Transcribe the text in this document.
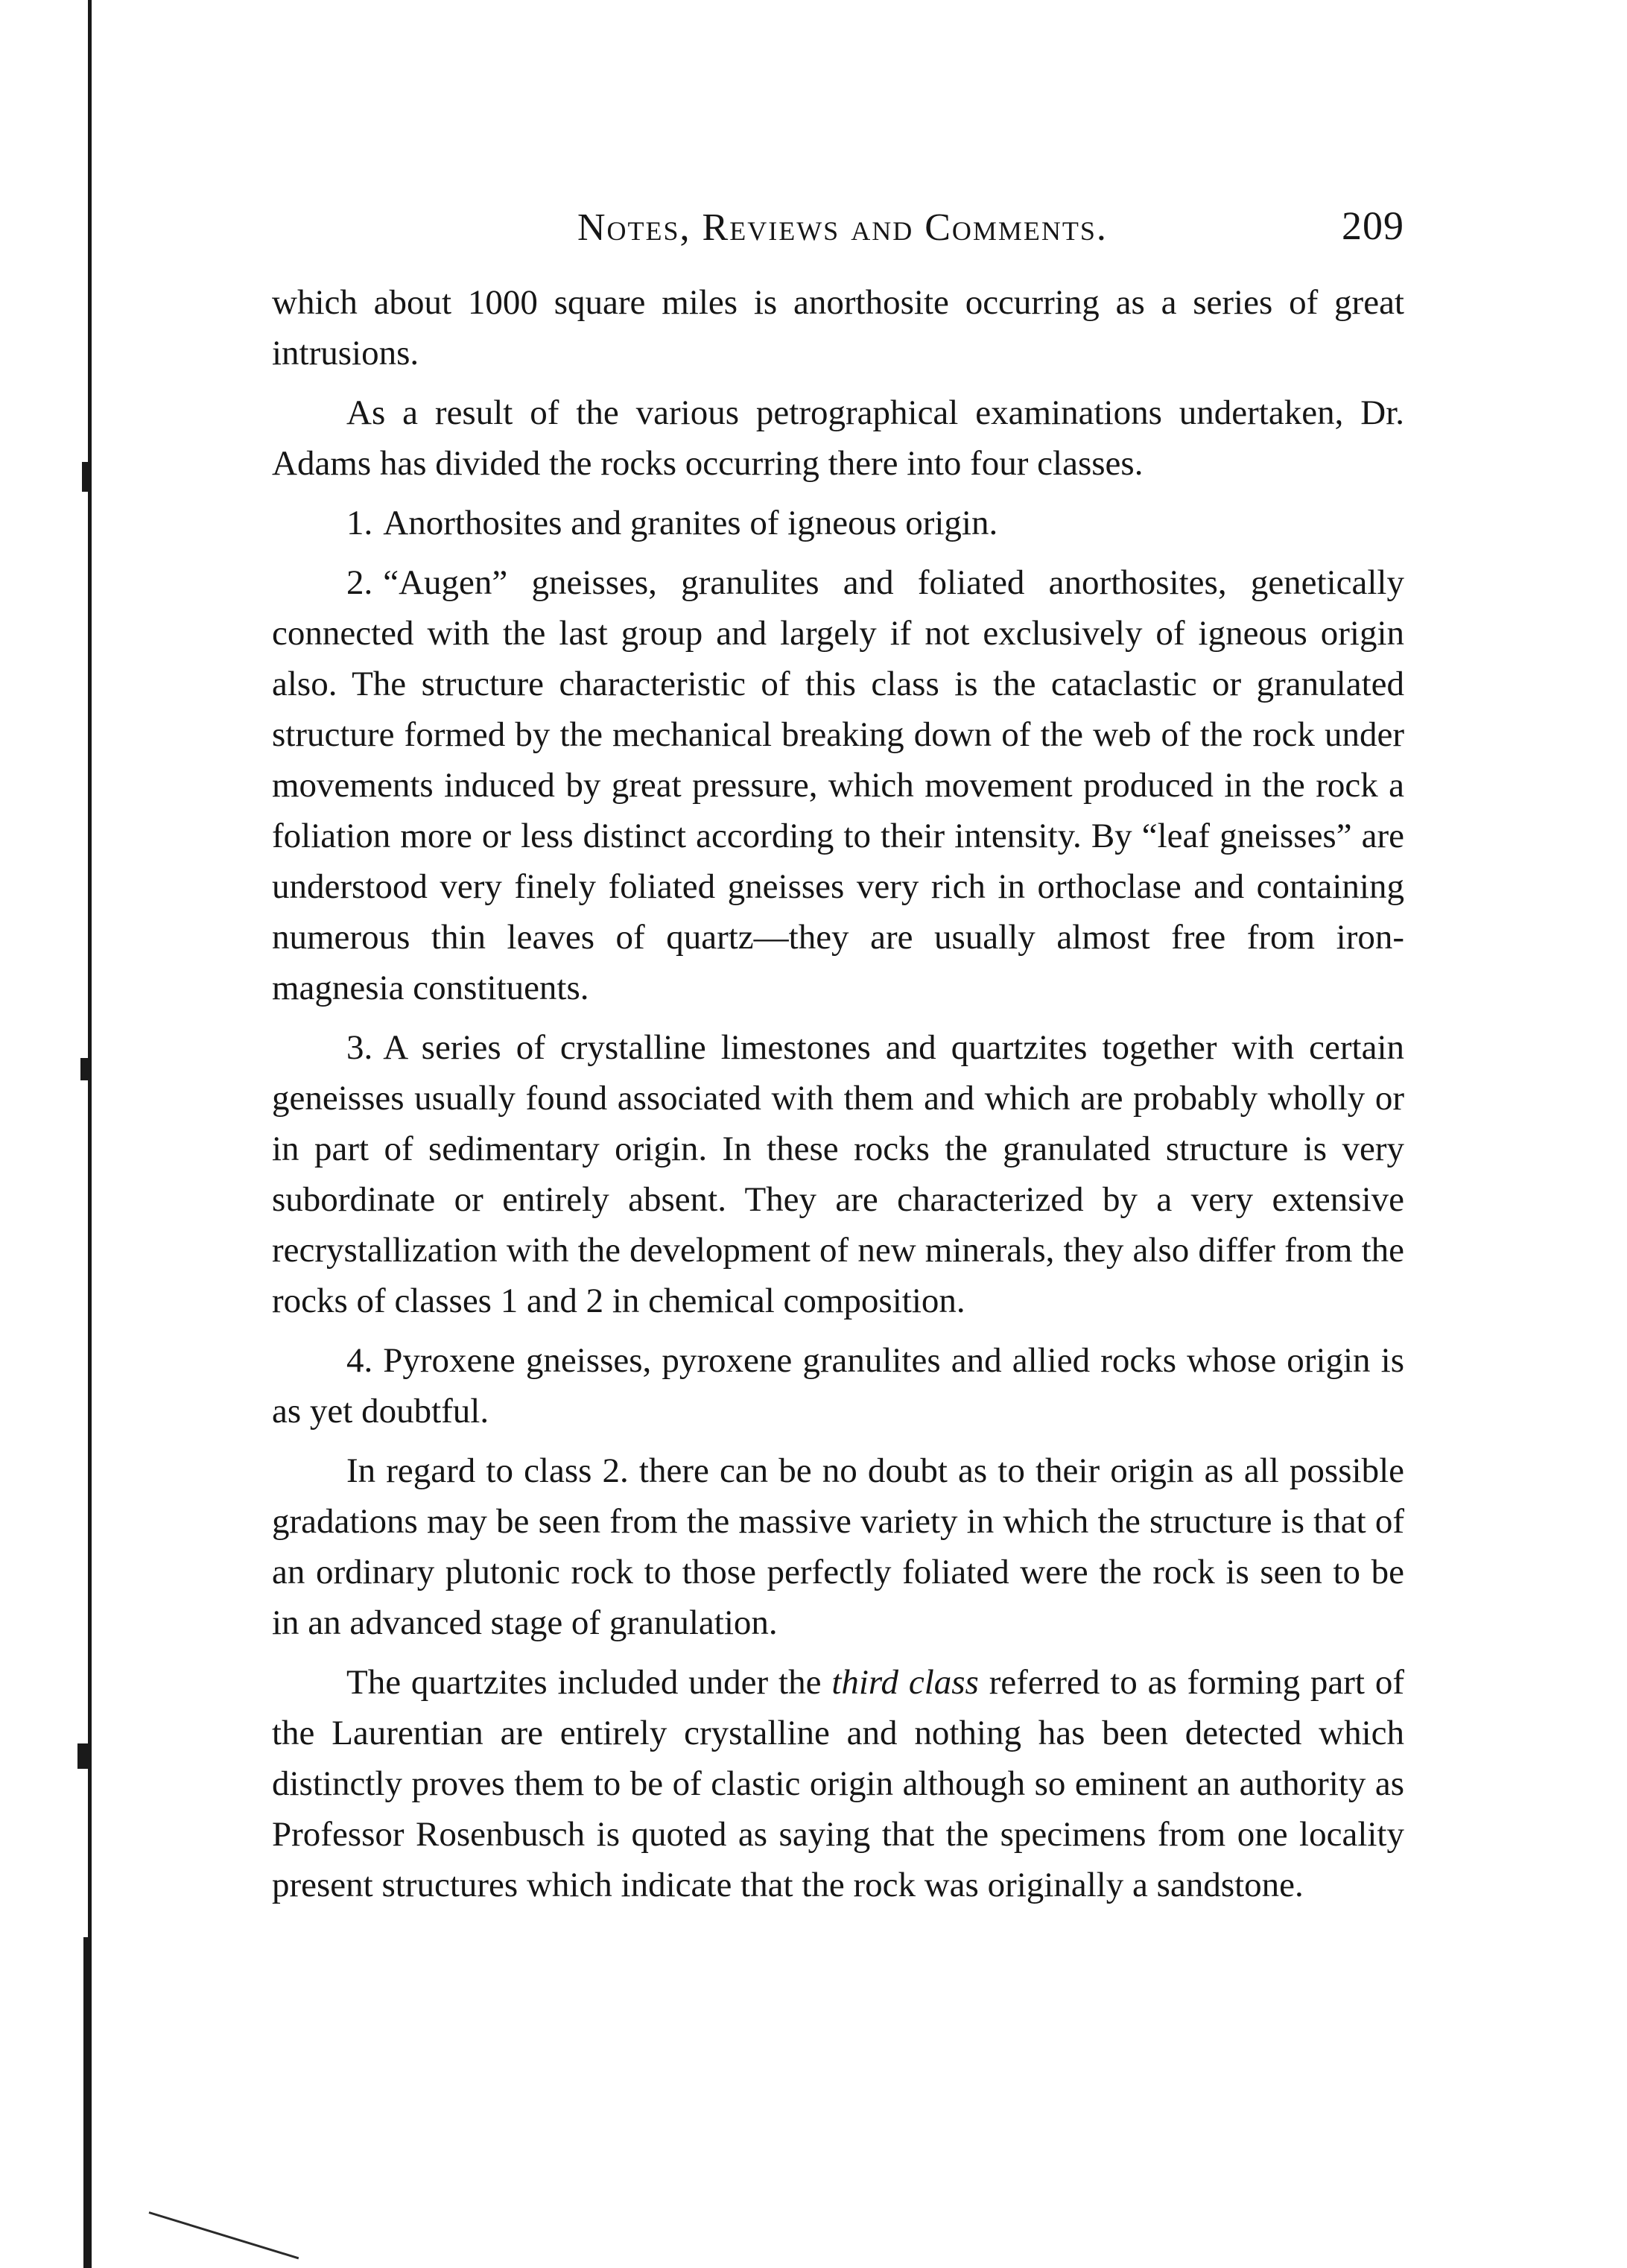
Notes, Reviews and Comments.	209

which about 1000 square miles is anorthosite occurring as a series of great intrusions.

As a result of the various petrographical examinations undertaken, Dr. Adams has divided the rocks occurring there into four classes.

1. Anorthosites and granites of igneous origin.

2. “Augen” gneisses, granulites and foliated anorthosites, genetically connected with the last group and largely if not exclusively of igneous origin also. The structure characteristic of this class is the cataclastic or granulated structure formed by the mechanical breaking down of the web of the rock under movements induced by great pressure, which movement produced in the rock a foliation more or less distinct according to their intensity. By “leaf gneisses” are understood very finely foliated gneisses very rich in orthoclase and containing numerous thin leaves of quartz—they are usually almost free from iron-magnesia constituents.

3. A series of crystalline limestones and quartzites together with certain geneisses usually found associated with them and which are probably wholly or in part of sedimentary origin. In these rocks the granulated structure is very subordinate or entirely absent. They are characterized by a very extensive recrystallization with the development of new minerals, they also differ from the rocks of classes 1 and 2 in chemical composition.

4. Pyroxene gneisses, pyroxene granulites and allied rocks whose origin is as yet doubtful.

In regard to class 2. there can be no doubt as to their origin as all possible gradations may be seen from the massive variety in which the structure is that of an ordinary plutonic rock to those perfectly foliated were the rock is seen to be in an advanced stage of granulation.

The quartzites included under the third class referred to as forming part of the Laurentian are entirely crystalline and nothing has been detected which distinctly proves them to be of clastic origin although so eminent an authority as Professor Rosenbusch is quoted as saying that the specimens from one locality present structures which indicate that the rock was originally a sandstone.
